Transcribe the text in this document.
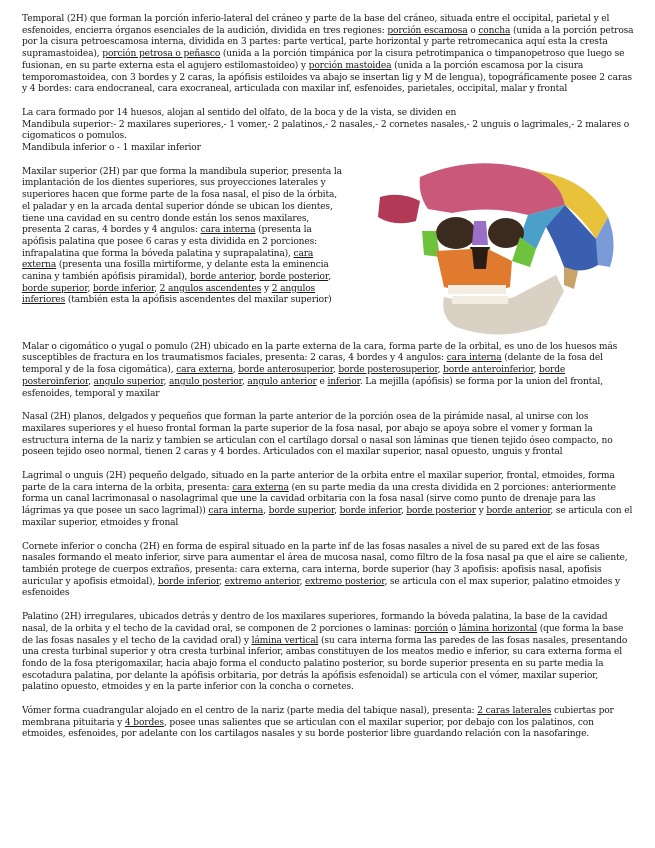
Temporal (2H) que forman la porción inferio-lateral del cráneo y parte de la base del cráneo, situada entre el occipital, parietal y el esfenoides, encierra órganos esenciales de la audición, dividida en tres regiones: porción escamosa o concha (unida a la porción petrosa por la cisura petroescamosa interna, dividida en 3 partes: parte vertical, parte horizontal y parte retromecanica aquí esta la cresta supramastoidea), porción petrosa o peñasco (unida a la porción timpánica por la cisura petrotimpanica o timpanopetroso que luego se fusionan, en su parte externa esta el agujero estilomastoideo) y porción mastoidea (unida a la porción escamosa por la cisura temporomastoidea, con 3 bordes y 2 caras, la apófisis estiloides va abajo se insertan lig y M de lengua), topográficamente posee 2 caras y 4 bordes: cara endocraneal, cara exocraneal, articulada con maxilar inf, esfenoides, parietales, occipital, malar y frontal

La cara formado por 14 huesos, alojan al sentido del olfato, de la boca y de la vista, se dividen en

Mandibula superior:- 2 maxilares superiores,- 1 vomer,- 2 palatinos,- 2 nasales,- 2 cornetes nasales,- 2 unguis o lagrimales,- 2 malares o cigomaticos o pomulos.

Mandibula inferior o - 1 maxilar inferior

Maxilar superior (2H) par que forma la mandibula superior, presenta la implantación de los dientes superiores, sus proyecciones laterales y superiores hacen que forme parte de la fosa nasal, el piso de la órbita, el paladar y en la arcada dental superior dónde se ubican los dientes, tiene una cavidad en su centro donde están los senos maxilares, presenta 2 caras, 4 bordes y 4 angulos: cara interna (presenta la apófisis palatina que posee 6 caras y esta dividida en 2 porciones: infrapalatina que forma la bóveda palatina y suprapalatina), cara externa (presenta una fosilla mirtiforme, y delante esta la eminencia canina y también apófisis piramidal), borde anterior, borde posterior, borde superior, borde inferior, 2 angulos ascendentes y 2 angulos inferiores (también esta la apófisis ascendentes del maxilar superior)

Malar o cigomático o yugal o pomulo (2H) ubicado en la parte externa de la cara, forma parte de la orbital, es uno de los huesos más susceptibles de fractura en los traumatismos faciales, presenta: 2 caras, 4 bordes y 4 angulos: cara interna (delante de la fosa del temporal y de la fosa cigomática), cara externa, borde anterosuperior, borde posterosuperior, borde anteroinferior, borde posteroinferior, angulo superior, angulo posterior, angulo anterior e inferior. La mejilla (apófisis) se forma por la union del frontal, esfenoides, temporal y maxilar

Nasal (2H) planos, delgados y pequeños que forman la parte anterior de la porción osea de la pirámide nasal, al unirse con los maxilares superiores y el hueso frontal forman la parte superior de la fosa nasal, por abajo se apoya sobre el vomer y forman la estructura interna de la nariz y tambien se articulan con el cartílago dorsal o nasal son láminas que tienen tejido óseo compacto, no poseen tejido oseo normal, tienen 2 caras y 4 bordes. Articulados con el maxilar superior, nasal opuesto, unguis y frontal

Lagrimal o unguis (2H) pequeño delgado, situado en la parte anterior de la orbita entre el maxilar superior, frontal, etmoides, forma parte de la cara interna de la orbita, presenta: cara externa (en su parte media da una cresta dividida en 2 porciones: anteriormente forma un canal lacrimonasal o nasolagrimal que une la cavidad orbitaria con la fosa nasal (sirve como punto de drenaje para las lágrimas ya que posee un saco lagrimal)) cara interna, borde superior, borde inferior, borde posterior y borde anterior, se articula con el maxilar superior, etmoides y fronal

Cornete inferior o concha (2H) en forma de espiral situado en la parte inf de las fosas nasales a nivel de su pared ext de las fosas nasales formando el meato inferior, sirve para aumentar el área de mucosa nasal, como filtro de la fosa nasal pa que el aire se caliente, también protege de cuerpos extraños, presenta: cara externa, cara interna, borde superior (hay 3 apofisis: apofisis nasal, apofisis auricular y apofisis etmoidal), borde inferior, extremo anterior, extremo posterior, se articula con el max superior, palatino etmoides y esfenoides

Palatino (2H) irregulares, ubicados detrás y dentro de los maxilares superiores, formando la bóveda palatina, la base de la cavidad nasal, de la orbita y el techo de la cavidad oral, se componen de 2 porciones o laminas: porción o lámina horizontal (que forma la base de las fosas nasales y el techo de la cavidad oral) y lámina vertical (su cara interna forma las paredes de las fosas nasales, presentando una cresta turbinal superior y otra cresta turbinal inferior, ambas constituyen de los meatos medio e inferior, su cara externa forma el fondo de la fosa pterigomaxilar, hacia abajo forma el conducto palatino posterior, su borde superior presenta en su parte media la escotadura palatina, por delante la apófisis orbitaria, por detrás la apófisis esfenoidal) se articula con el vómer, maxilar superior, palatino opuesto, etmoides y en la parte inferior con la concha o cornetes.

Vómer forma cuadrangular alojado en el centro de la nariz (parte media del tabique nasal), presenta: 2 caras laterales cubiertas por membrana pituitaria y 4 bordes, posee unas salientes que se articulan con el maxilar superior, por debajo con los palatinos, con etmoides, esfenoides, por adelante con los cartilagos nasales y su borde posterior libre guardando relación con la nasofaringe.
